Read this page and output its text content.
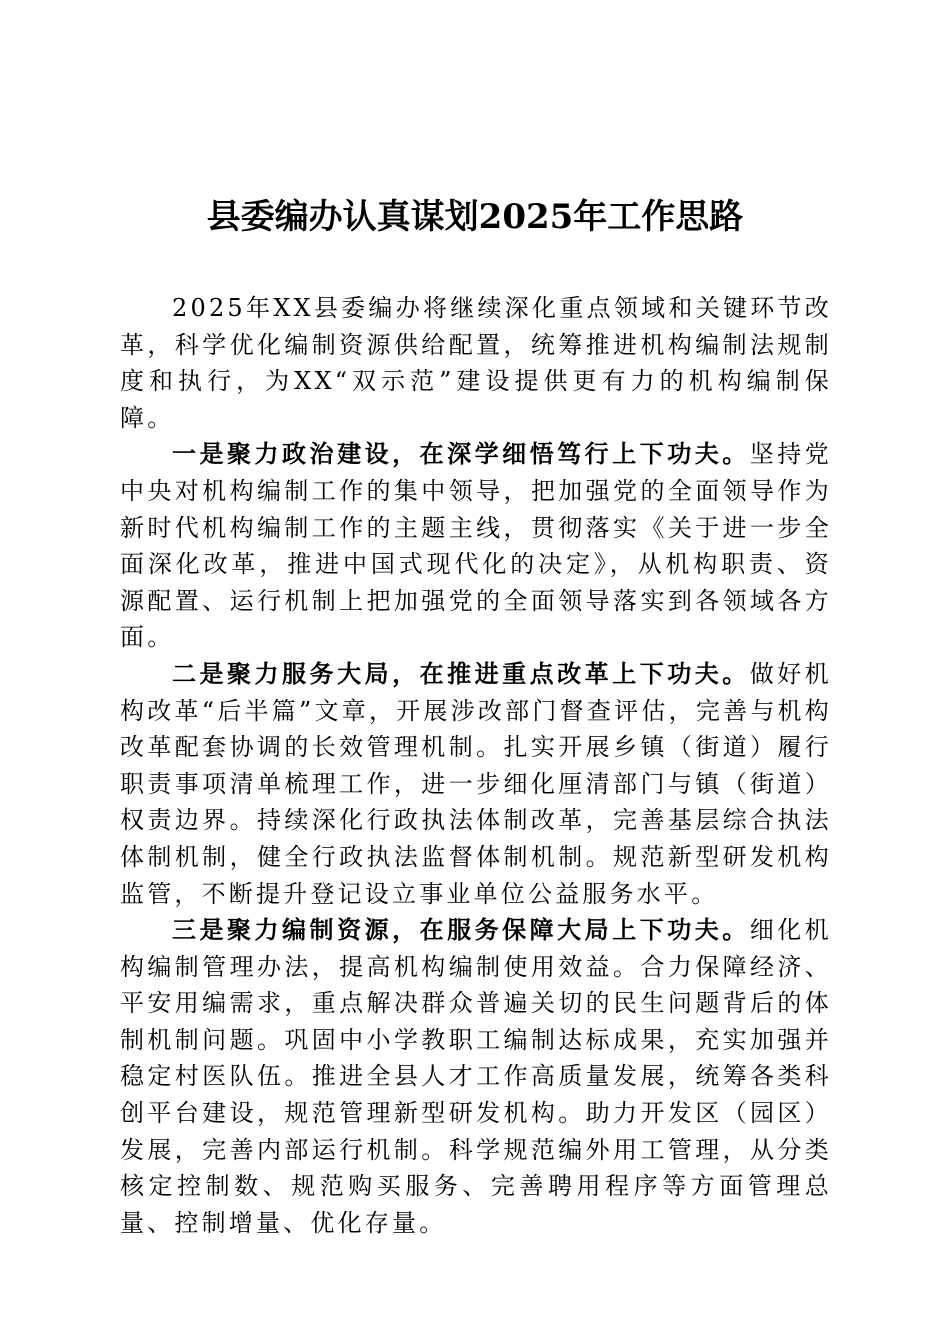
县委编办认真谋划2025年工作思路

2025年XX县委编办将继续深化重点领域和关键环节改革，科学优化编制资源供给配置，统筹推进机构编制法规制度和执行，为XX“双示范”建设提供更有力的机构编制保障。

一是聚力政治建设，在深学细悟笃行上下功夫。坚持党中央对机构编制工作的集中领导，把加强党的全面领导作为新时代机构编制工作的主题主线，贯彻落实《关于进一步全面深化改革，推进中国式现代化的决定》，从机构职责、资源配置、运行机制上把加强党的全面领导落实到各领域各方面。

二是聚力服务大局，在推进重点改革上下功夫。做好机构改革“后半篇”文章，开展涉改部门督查评估，完善与机构改革配套协调的长效管理机制。扎实开展乡镇（街道）履行职责事项清单梳理工作，进一步细化厘清部门与镇（街道）权责边界。持续深化行政执法体制改革，完善基层综合执法体制机制，健全行政执法监督体制机制。规范新型研发机构监管，不断提升登记设立事业单位公益服务水平。

三是聚力编制资源，在服务保障大局上下功夫。细化机构编制管理办法，提高机构编制使用效益。合力保障经济、平安用编需求，重点解决群众普遍关切的民生问题背后的体制机制问题。巩固中小学教职工编制达标成果，充实加强并稳定村医队伍。推进全县人才工作高质量发展，统筹各类科创平台建设，规范管理新型研发机构。助力开发区（园区）发展，完善内部运行机制。科学规范编外用工管理，从分类核定控制数、规范购买服务、完善聘用程序等方面管理总量、控制增量、优化存量。
